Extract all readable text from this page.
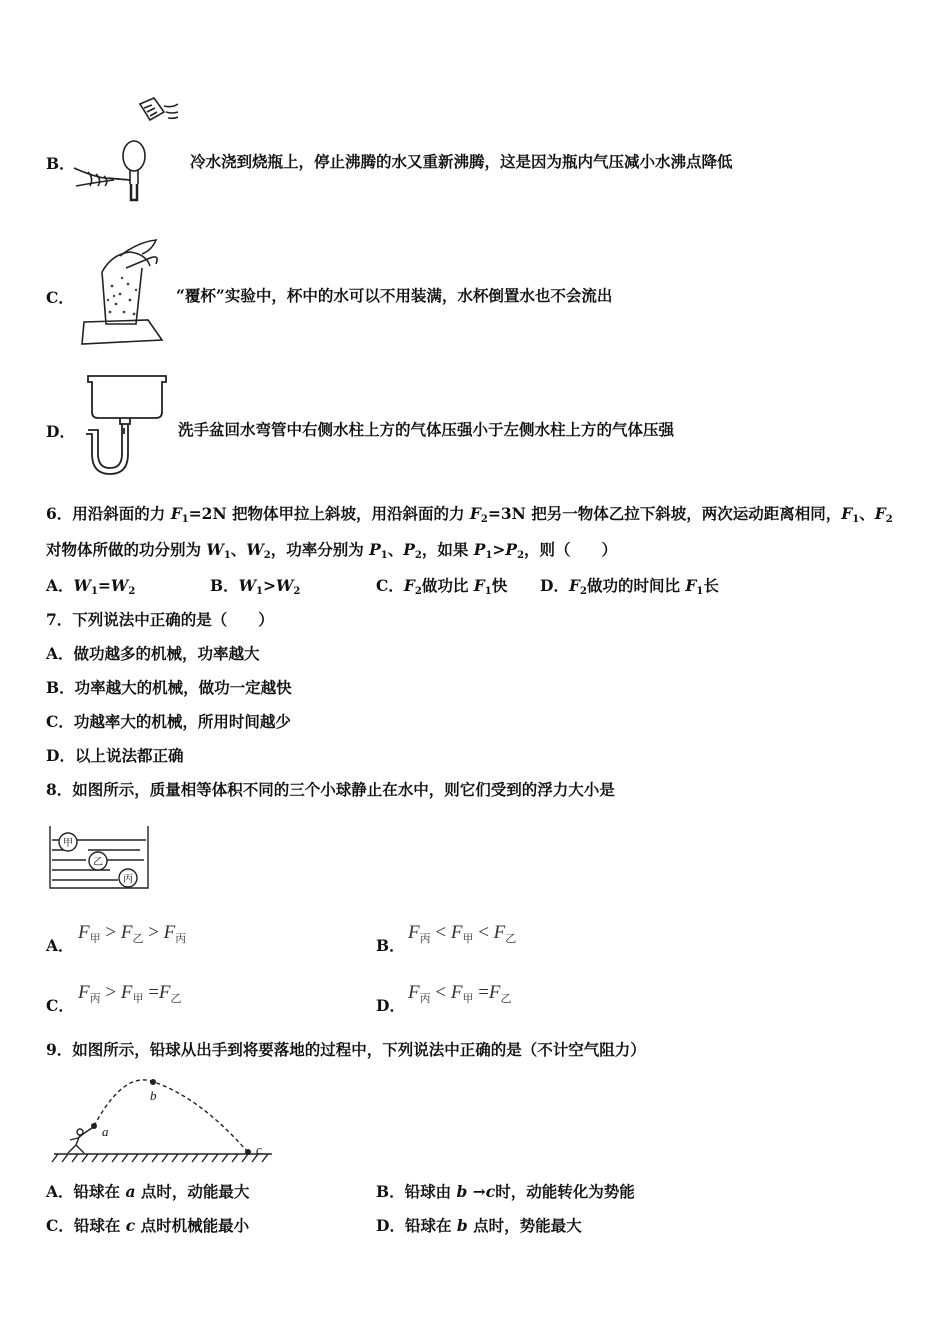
B．	冷水浇到烧瓶上，停止沸腾的水又重新沸腾，这是因为瓶内气压减小水沸点降低
C．	“覆杯”实验中，杯中的水可以不用装满，水杯倒置水也不会流出
D．	洗手盆回水弯管中右侧水柱上方的气体压强小于左侧水柱上方的气体压强
6．用沿斜面的力 $F_1=2N$ 把物体甲拉上斜坡，用沿斜面的力 $F_2=3N$ 把另一物体乙拉下斜坡，两次运动距离相同，$F_1$、$F_2$
对物体所做的功分别为 $W_1$、$W_2$，功率分别为 $P_1$、$P_2$，如果 $P_1>P_2$，则（　　）
A．$W_1=W_2$	B．$W_1>W_2$	C．$F_2$做功比 $F_1$快 D．$F_2$做功的时间比 $F_1$长
7．下列说法中正确的是（　　）
A．做功越多的机械，功率越大
B．功率越大的机械，做功一定越快
C．功越率大的机械，所用时间越少
D．以上说法都正确
8．如图所示，质量相等体积不同的三个小球静止在水中，则它们受到的浮力大小是
甲
乙
丙
A．
$F_甲 > F_乙 > F_丙$	B．
$F_丙 < F_甲 < F_乙$
C．
$F_丙 > F_甲 =F_乙$	D．
$F_丙 < F_甲 =F_乙$
9．如图所示，铅球从出手到将要落地的过程中，下列说法中正确的是（不计空气阻力）
a
b
c
A．铅球在 a 点时，动能最大	B．铅球由 b →c时，动能转化为势能
C．铅球在 c 点时机械能最小	D．铅球在 b 点时，势能最大
